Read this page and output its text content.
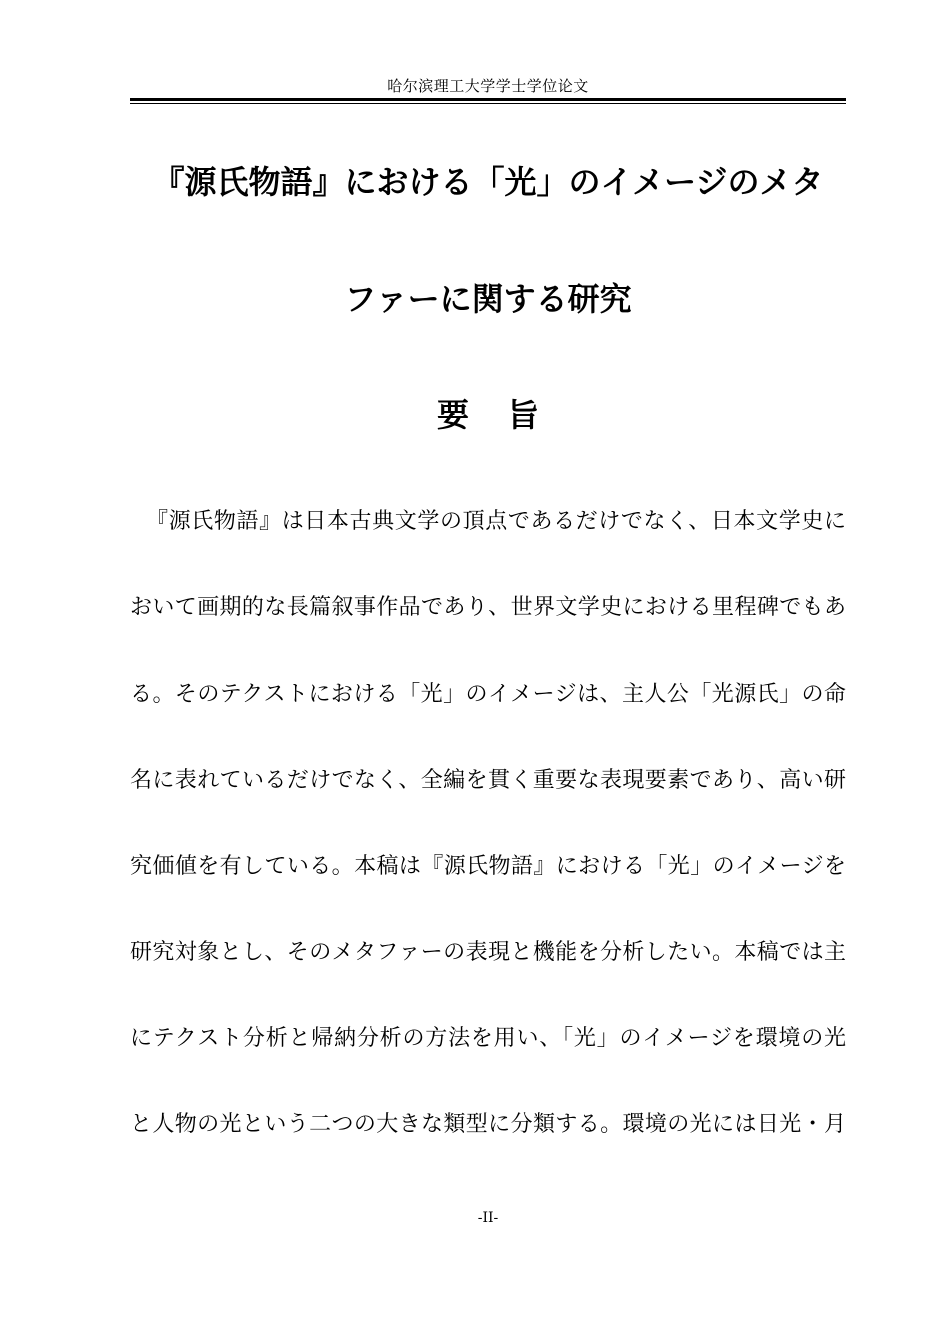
哈尔滨理工大学学士学位论文
『源氏物語』における「光」のイメージのメタ
ファーに関する研究
要旨
『源氏物語』は日本古典文学の頂点であるだけでなく、日本文学史に
おいて画期的な長篇叙事作品であり、世界文学史における里程碑でもあ
る。そのテクストにおける「光」のイメージは、主人公「光源氏」の命
名に表れているだけでなく、全編を貫く重要な表現要素であり、高い研
究価値を有している。本稿は『源氏物語』における「光」のイメージを
研究対象とし、そのメタファーの表現と機能を分析したい。本稿では主
にテクスト分析と帰納分析の方法を用い、「光」のイメージを環境の光
と人物の光という二つの大きな類型に分類する。環境の光には日光・月
-II-
